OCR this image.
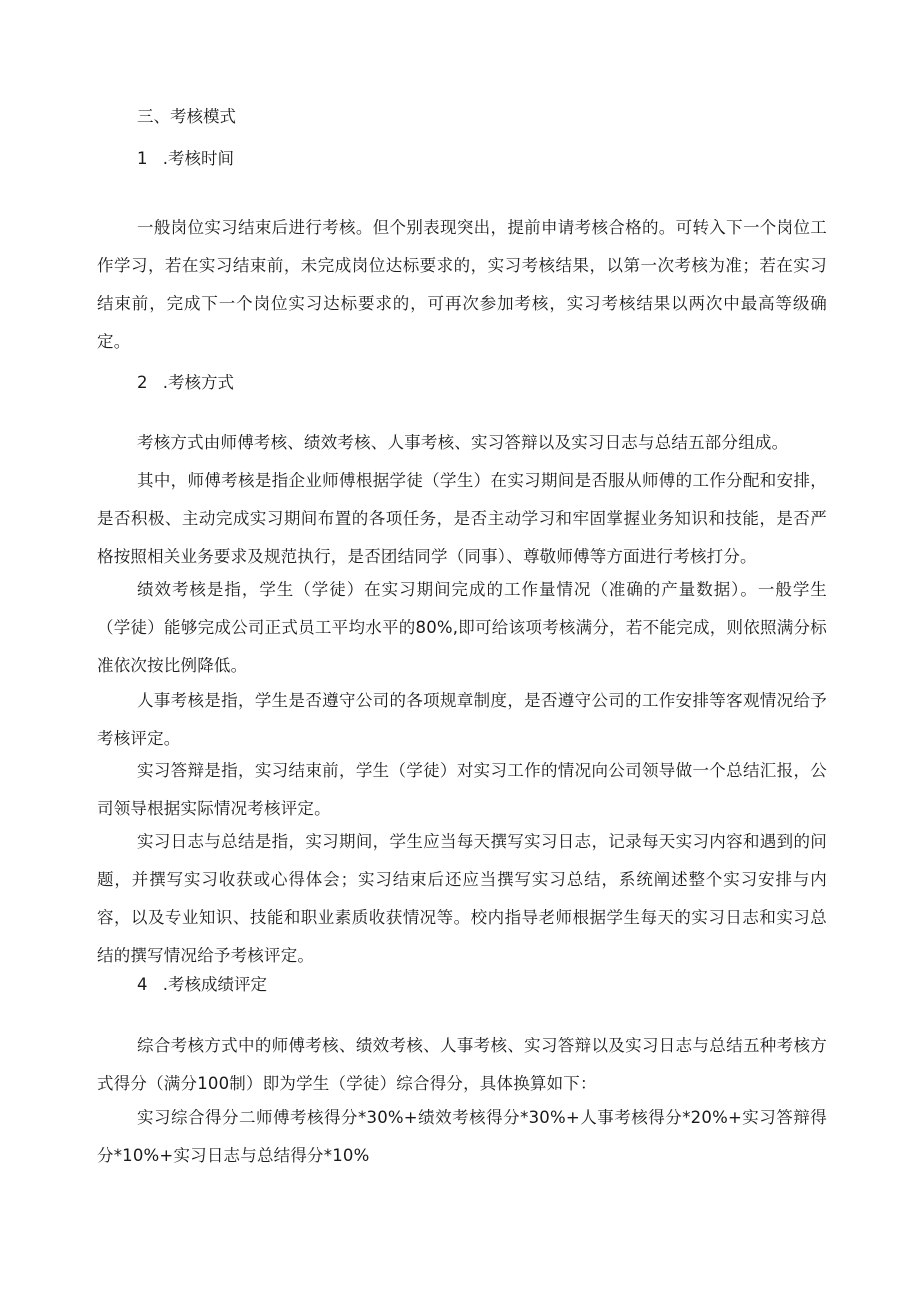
三、考核模式
1 .考核时间
一般岗位实习结束后进行考核。但个别表现突出，提前申请考核合格的。可转入下一个岗位工作学习，若在实习结束前，未完成岗位达标要求的，实习考核结果，以第一次考核为准；若在实习结束前，完成下一个岗位实习达标要求的，可再次参加考核，实习考核结果以两次中最高等级确定。
2 .考核方式
考核方式由师傅考核、绩效考核、人事考核、实习答辩以及实习日志与总结五部分组成。
其中，师傅考核是指企业师傅根据学徒（学生）在实习期间是否服从师傅的工作分配和安排，是否积极、主动完成实习期间布置的各项任务，是否主动学习和牢固掌握业务知识和技能，是否严格按照相关业务要求及规范执行，是否团结同学（同事）、尊敬师傅等方面进行考核打分。
绩效考核是指，学生（学徒）在实习期间完成的工作量情况（准确的产量数据）。一般学生（学徒）能够完成公司正式员工平均水平的80%,即可给该项考核满分，若不能完成，则依照满分标准依次按比例降低。
人事考核是指，学生是否遵守公司的各项规章制度，是否遵守公司的工作安排等客观情况给予考核评定。
实习答辩是指，实习结束前，学生（学徒）对实习工作的情况向公司领导做一个总结汇报，公司领导根据实际情况考核评定。
实习日志与总结是指，实习期间，学生应当每天撰写实习日志，记录每天实习内容和遇到的问题，并撰写实习收获或心得体会；实习结束后还应当撰写实习总结，系统阐述整个实习安排与内容，以及专业知识、技能和职业素质收获情况等。校内指导老师根据学生每天的实习日志和实习总结的撰写情况给予考核评定。
4 .考核成绩评定
综合考核方式中的师傅考核、绩效考核、人事考核、实习答辩以及实习日志与总结五种考核方式得分（满分100制）即为学生（学徒）综合得分，具体换算如下：
实习综合得分二师傅考核得分*30%+绩效考核得分*30%+人事考核得分*20%+实习答辩得分*10%+实习日志与总结得分*10%
